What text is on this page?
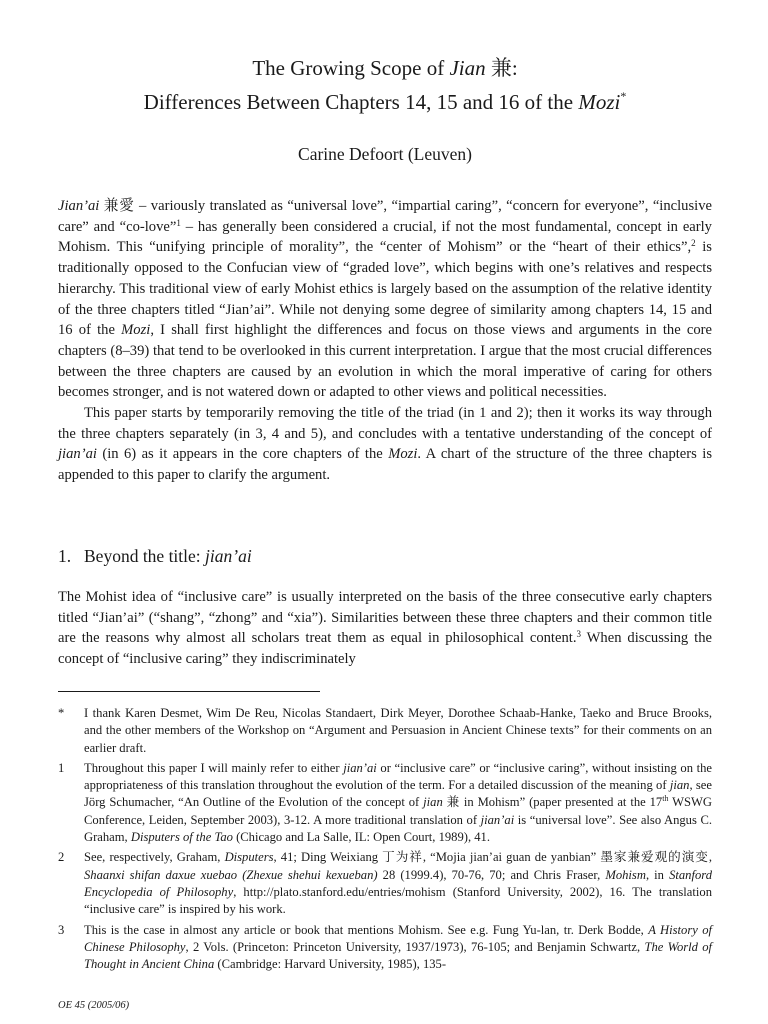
The Growing Scope of Jian 兼:
Differences Between Chapters 14, 15 and 16 of the Mozi*
Carine Defoort (Leuven)

Jian’ai 兼愛 – variously translated as “universal love”, “impartial caring”, “concern for everyone”, “inclusive care” and “co-love”$^1$ – has generally been considered a crucial, if not the most fundamental, concept in early Mohism. This “unifying principle of morality”, the “center of Mohism” or the “heart of their ethics”,$^2$ is traditionally opposed to the Confucian view of “graded love”, which begins with one’s relatives and respects hierarchy. This traditional view of early Mohist ethics is largely based on the assumption of the relative identity of the three chapters titled “Jian’ai”. While not denying some degree of similarity among chapters 14, 15 and 16 of the Mozi, I shall first highlight the differences and focus on those views and arguments in the core chapters (8–39) that tend to be overlooked in this current interpretation. I argue that the most crucial differences between the three chapters are caused by an evolution in which the moral imperative of caring for others becomes stronger, and is not watered down or adapted to other views and political necessities.

This paper starts by temporarily removing the title of the triad (in 1 and 2); then it works its way through the three chapters separately (in 3, 4 and 5), and concludes with a tentative understanding of the concept of jian’ai (in 6) as it appears in the core chapters of the Mozi. A chart of the structure of the three chapters is appended to this paper to clarify the argument.

1. Beyond the title: jian’ai
The Mohist idea of “inclusive care” is usually interpreted on the basis of the three consecutive early chapters titled “Jian’ai” (“shang”, “zhong” and “xia”). Similarities between these three chapters and their common title are the reasons why almost all scholars treat them as equal in philosophical content.$^3$ When discussing the concept of “inclusive caring” they indiscriminately
* I thank Karen Desmet, Wim De Reu, Nicolas Standaert, Dirk Meyer, Dorothee Schaab-Hanke, Taeko and Bruce Brooks, and the other members of the Workshop on “Argument and Persuasion in Ancient Chinese texts” for their comments on an earlier draft.
1 Throughout this paper I will mainly refer to either jian’ai or “inclusive care” or “inclusive caring”, without insisting on the appropriateness of this translation throughout the evolution of the term. For a detailed discussion of the meaning of jian, see Jörg Schumacher, “An Outline of the Evolution of the concept of jian 兼 in Mohism” (paper presented at the 17th WSWG Conference, Leiden, September 2003), 3-12. A more traditional translation of jian’ai is “universal love”. See also Angus C. Graham, Disputers of the Tao (Chicago and La Salle, IL: Open Court, 1989), 41.
2 See, respectively, Graham, Disputers, 41; Ding Weixiang 丁为祥, “Mojia jian’ai guan de yanbian” 墨家兼爱观的演变, Shaanxi shifan daxue xuebao (Zhexue shehui kexueban) 28 (1999.4), 70-76, 70; and Chris Fraser, Mohism, in Stanford Encyclopedia of Philosophy, http://plato.stanford.edu/entries/mohism (Stanford University, 2002), 16. The translation “inclusive care” is inspired by his work.
3 This is the case in almost any article or book that mentions Mohism. See e.g. Fung Yu-lan, tr. Derk Bodde, A History of Chinese Philosophy, 2 Vols. (Princeton: Princeton University, 1937/1973), 76-105; and Benjamin Schwartz, The World of Thought in Ancient China (Cambridge: Harvard University, 1985), 135-
OE 45 (2005/06)
